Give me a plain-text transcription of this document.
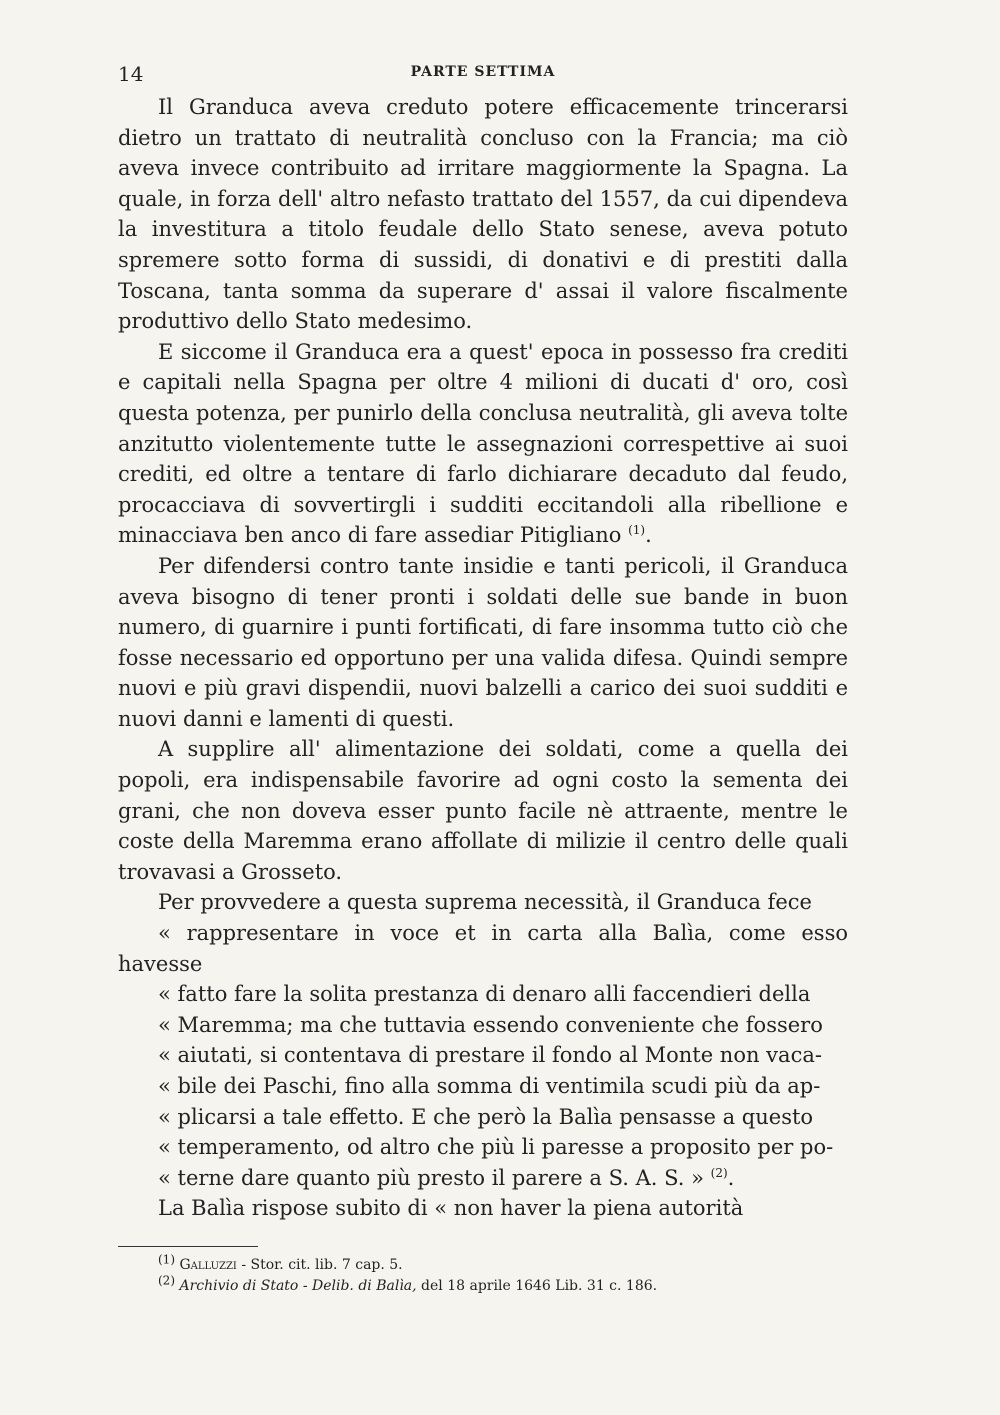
14	PARTE SETTIMA

Il Granduca aveva creduto potere efficacemente trincerarsi dietro un trattato di neutralità concluso con la Francia; ma ciò aveva invece contribuito ad irritare maggiormente la Spagna. La quale, in forza dell' altro nefasto trattato del 1557, da cui dipendeva la investitura a titolo feudale dello Stato senese, aveva potuto spremere sotto forma di sussidi, di donativi e di prestiti dalla Toscana, tanta somma da superare d' assai il valore fiscalmente produttivo dello Stato medesimo.

E siccome il Granduca era a quest' epoca in possesso fra crediti e capitali nella Spagna per oltre 4 milioni di ducati d' oro, così questa potenza, per punirlo della conclusa neutralità, gli aveva tolte anzitutto violentemente tutte le assegnazioni correspettive ai suoi crediti, ed oltre a tentare di farlo dichiarare decaduto dal feudo, procacciava di sovvertirgli i sudditi eccitandoli alla ribellione e minacciava ben anco di fare assediar Pitigliano $^{(1)}$.

Per difendersi contro tante insidie e tanti pericoli, il Granduca aveva bisogno di tener pronti i soldati delle sue bande in buon numero, di guarnire i punti fortificati, di fare insomma tutto ciò che fosse necessario ed opportuno per una valida difesa. Quindi sempre nuovi e più gravi dispendii, nuovi balzelli a carico dei suoi sudditi e nuovi danni e lamenti di questi.

A supplire all' alimentazione dei soldati, come a quella dei popoli, era indispensabile favorire ad ogni costo la sementa dei grani, che non doveva esser punto facile nè attraente, mentre le coste della Maremma erano affollate di milizie il centro delle quali trovavasi a Grosseto.

Per provvedere a questa suprema necessità, il Granduca fece

« rappresentare in voce et in carta alla Balìa, come esso havesse

« fatto fare la solita prestanza di denaro alli faccendieri della

« Maremma; ma che tuttavia essendo conveniente che fossero

« aiutati, si contentava di prestare il fondo al Monte non vaca-

« bile dei Paschi, fino alla somma di ventimila scudi più da ap-

« plicarsi a tale effetto. E che però la Balìa pensasse a questo

« temperamento, od altro che più li paresse a proposito per po-

« terne dare quanto più presto il parere a S. A. S. » $^{(2)}$.

La Balìa rispose subito di « non haver la piena autorità

$^{(1)}$ Galluzzi - Stor. cit. lib. 7 cap. 5.

$^{(2)}$ Archivio di Stato - Delib. di Balìa, del 18 aprile 1646 Lib. 31 c. 186.
